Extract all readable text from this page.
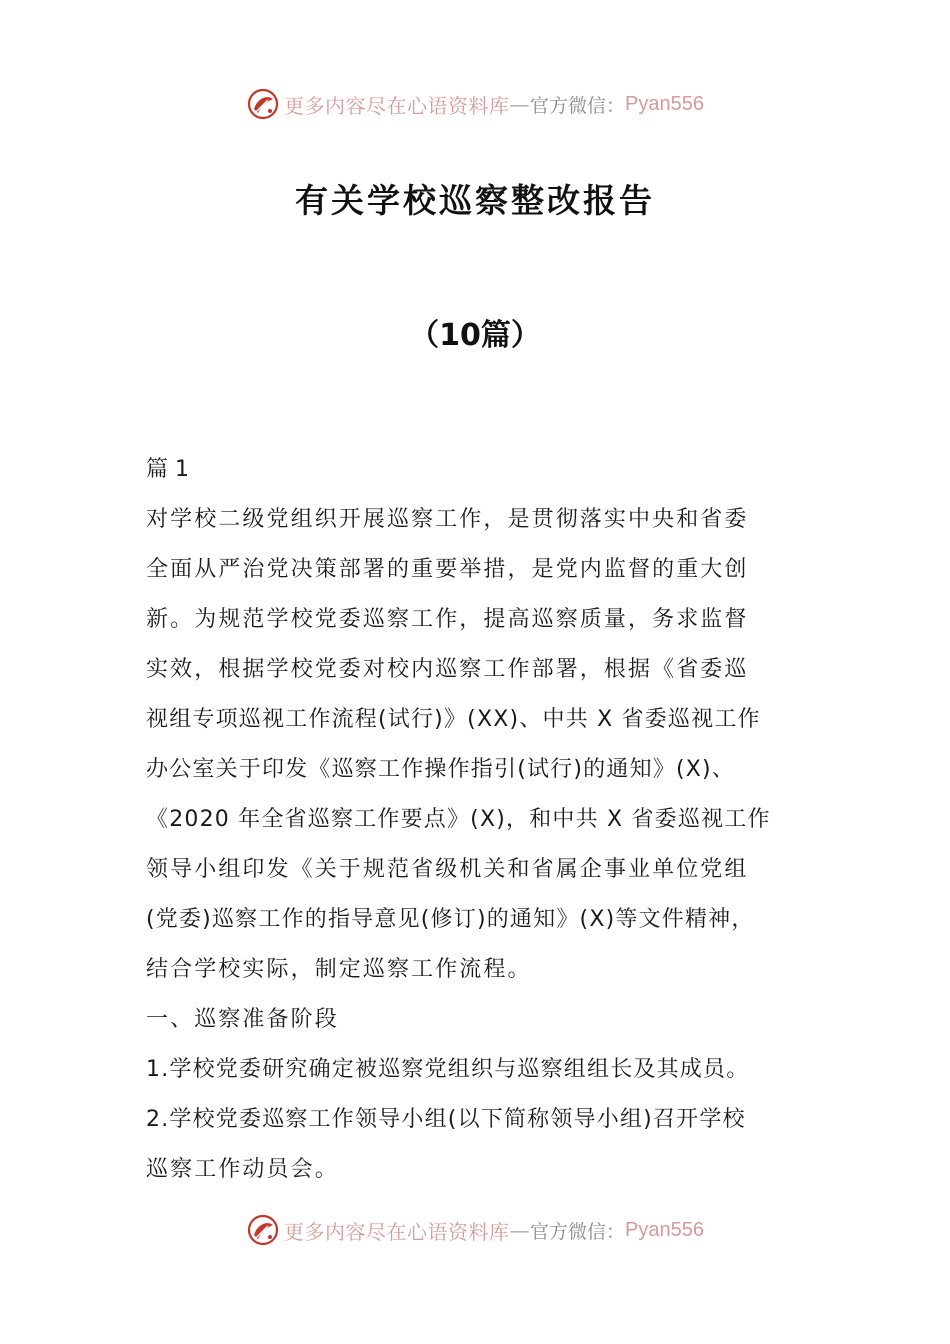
更多内容尽在心语资料库 — 官方微信： Pyan556
有关学校巡察整改报告
（10篇）
篇 1
对学校二级党组织开展巡察工作，是贯彻落实中央和省委
全面从严治党决策部署的重要举措，是党内监督的重大创
新。为规范学校党委巡察工作，提高巡察质量，务求监督
实效，根据学校党委对校内巡察工作部署，根据《省委巡
视组专项巡视工作流程(试行)》(XX)、中共 X 省委巡视工作
办公室关于印发《巡察工作操作指引(试行)的通知》(X)、
《2020 年全省巡察工作要点》(X)，和中共 X 省委巡视工作
领导小组印发《关于规范省级机关和省属企事业单位党组
(党委)巡察工作的指导意见(修订)的通知》(X)等文件精神，
结合学校实际，制定巡察工作流程。
一、巡察准备阶段
1.学校党委研究确定被巡察党组织与巡察组组长及其成员。
2.学校党委巡察工作领导小组(以下简称领导小组)召开学校
巡察工作动员会。
更多内容尽在心语资料库 — 官方微信： Pyan556
